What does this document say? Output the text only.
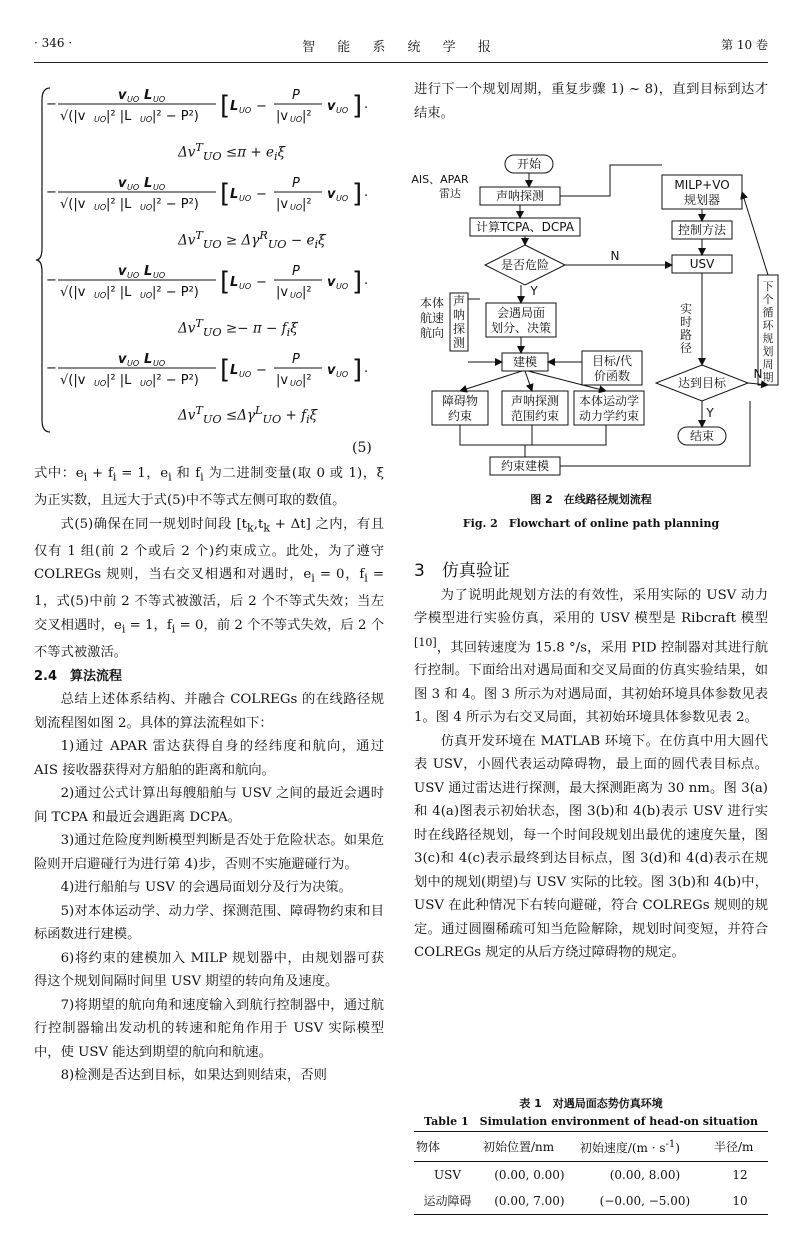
· 346 ·	智 能 系 统 学 报	第 10 卷
−
v UO L UO
√(|v UO |² |L UO |² − P²) [ L UO −
P
|v UO |²
v UO ] ·
−
v UO L UO
√(|v UO |² |L UO |² − P²) [ L UO −
P
|v UO |²
v UO ] ·
−
v UO L UO
√(|v UO |² |L UO |² − P²) [ L UO −
P
|v UO |²
v UO ] ·
−
v UO L UO
√(|v UO |² |L UO |² − P²) [ L UO −
P
|v UO |²
v UO ] ·
$\Delta v^T_{UO} \le\pi + e_i\xi$
$\Delta v^T_{UO} \ge \Delta\gamma^R_{UO} - e_i\xi$
$\Delta v^T_{UO} \ge- \pi - f_i\xi$
$\Delta v^T_{UO} \le\Delta\gamma^L_{UO} + f_i\xi$
(5)

式中：$e_i + f_i = 1$，$e_i$ 和 $f_i$ 为二进制变量(取 0 或 1)，ξ 为正实数，且远大于式(5)中不等式左侧可取的数值。

式(5)确保在同一规划时间段 $[t_k,t_k + \Delta t]$ 之内，有且仅有 1 组(前 2 个或后 2 个)约束成立。此处，为了遵守 COLREGs 规则，当右交叉相遇和对遇时，$e_i = 0$，$f_i = 1$，式(5)中前 2 不等式被激活，后 2 个不等式失效；当左交叉相遇时，$e_i = 1$，$f_i = 0$，前 2 个不等式失效，后 2 个不等式被激活。

2.4　算法流程

总结上述体系结构、并融合 COLREGs 的在线路径规划流程图如图 2。具体的算法流程如下：

1)通过 APAR 雷达获得自身的经纬度和航向，通过 AIS 接收器获得对方船舶的距离和航向。

2)通过公式计算出每艘船舶与 USV 之间的最近会遇时间 TCPA 和最近会遇距离 DCPA。

3)通过危险度判断模型判断是否处于危险状态。如果危险则开启避碰行为进行第 4)步，否则不实施避碰行为。

4)进行船舶与 USV 的会遇局面划分及行为决策。

5)对本体运动学、动力学、探测范围、障碍物约束和目标函数进行建模。

6)将约束的建模加入 MILP 规划器中，由规划器可获得这个规划间隔时间里 USV 期望的转向角及速度。

7)将期望的航向角和速度输入到航行控制器中，通过航行控制器输出发动机的转速和舵角作用于 USV 实际模型中，使 USV 能达到期望的航向和航速。

8)检测是否达到目标，如果达到则结束，否则

进行下一个规划周期，重复步骤 1) ~ 8)，直到目标到达才结束。

开始
AIS、APAR
雷达	声呐探测
计算TCPA、DCPA
是否危险
N
Y
本体
航速
航向
声
呐
探
测
会遇局面
划分、决策
建模	目标/代
价函数
障碍物
约束
声呐探测
范围约束
本体运动学
动力学约束
约束建模
MILP+VO
规划器
控制方法
USV
实
时
路
径
下
个
循
环
规
划
周
期
达到目标
N
Y
结束
图 2　在线路径规划流程
Fig. 2　Flowchart of online path planning

3　仿真验证

为了说明此规划方法的有效性，采用实际的 USV 动力学模型进行实验仿真，采用的 USV 模型是 Ribcraft 模型[10]，其回转速度为 15.8 °/s，采用 PID 控制器对其进行航行控制。下面给出对遇局面和交叉局面的仿真实验结果，如图 3 和 4。图 3 所示为对遇局面，其初始环境具体参数见表 1。图 4 所示为右交叉局面，其初始环境具体参数见表 2。

仿真开发环境在 MATLAB 环境下。在仿真中用大圆代表 USV，小圆代表运动障碍物，最上面的圆代表目标点。USV 通过雷达进行探测，最大探测距离为 30 nm。图 3(a)和 4(a)图表示初始状态，图 3(b)和 4(b)表示 USV 进行实时在线路径规划，每一个时间段规划出最优的速度矢量，图 3(c)和 4(c)表示最终到达目标点，图 3(d)和 4(d)表示在规划中的规划(期望)与 USV 实际的比较。图 3(b)和 4(b)中，USV 在此种情况下右转向避碰，符合 COLREGs 规则的规定。通过圆圈稀疏可知当危险解除，规划时间变短，并符合 COLREGs 规定的从后方绕过障碍物的规定。

表 1　对遇局面态势仿真环境
Table 1　Simulation environment of head-on situation
物体	初始位置/nm	初始速度$/(m \cdot s^{-1})$	半径/m
USV	(0.00, 0.00)	(0.00, 8.00)	12
运动障碍	(0.00, 7.00)	(−0.00, −5.00)	10
